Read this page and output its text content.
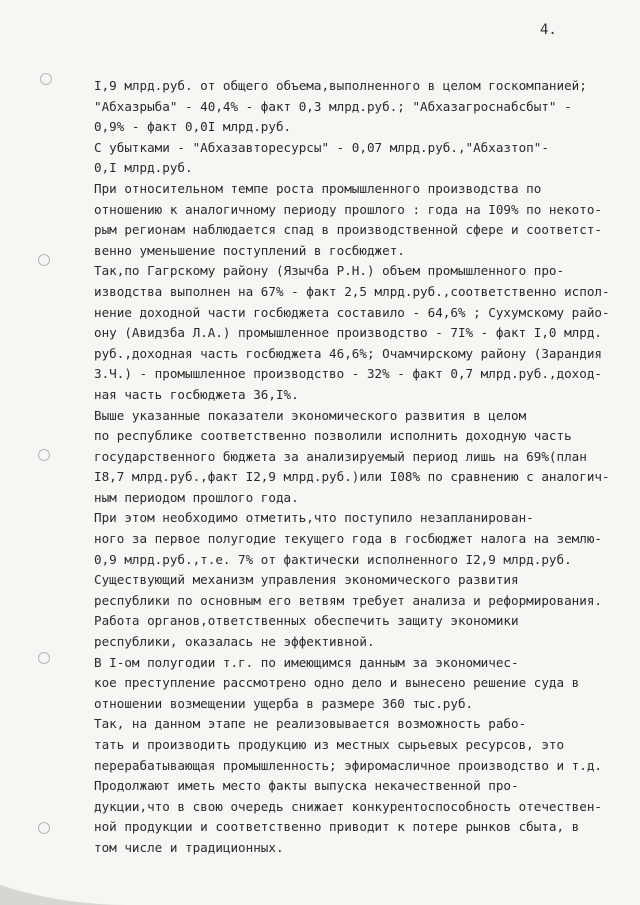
4.
I,9 млрд.руб. от общего объема,выполненного в целом госкомпанией;
"Абхазрыба" - 40,4% - факт 0,3 млрд.руб.; "Абхазагроснабсбыт" -
0,9% - факт 0,0I млрд.руб.
С убытками - "Абхазавторесурсы" - 0,07 млрд.руб.,"Абхазтоп"-
0,I млрд.руб.
При относительном темпе роста промышленного производства по
отношению к аналогичному периоду прошлого : года на I09% по некото-
рым регионам наблюдается спад в производственной сфере и соответст-
венно уменьшение поступлений в госбюджет.
Так,по Гагрскому району (Язычба Р.Н.) объем промышленного про-
изводства выполнен на 67% - факт 2,5 млрд.руб.,соответственно испол-
нение доходной части госбюджета составило - 64,6% ; Сухумскому райо-
ону (Авидзба Л.А.) промышленное производство - 7I% - факт I,0 млрд.
руб.,доходная часть госбюджета 46,6%; Очамчирскому району (Зарандия
З.Ч.) - промышленное производство - 32% - факт 0,7 млрд.руб.,доход-
ная часть госбюджета 36,I%.
Выше указанные показатели экономического развития в целом
по республике соответственно позволили исполнить доходную часть
государственного бюджета за анализируемый период лишь на 69%(план
I8,7 млрд.руб.,факт I2,9 млрд.руб.)или I08% по сравнению с аналогич-
ным периодом прошлого года.
При этом необходимо отметить,что поступило незапланирован-
ного за первое полугодие текущего года в госбюджет налога на землю-
0,9 млрд.руб.,т.е. 7% от фактически исполненного I2,9 млрд.руб.
Существующий механизм управления экономического развития
республики по основным его ветвям требует анализа и реформирования.
Работа органов,ответственных обеспечить защиту экономики
республики, оказалась не эффективной.
В I-ом полугодии т.г. по имеющимся данным за экономичес-
кое преступление рассмотрено одно дело и вынесено решение суда в
отношении возмещении ущерба в размере 360 тыс.руб.
Так, на данном этапе не реализовывается возможность рабо-
тать и производить продукцию из местных сырьевых ресурсов, это
перерабатывающая промышленность; эфиромасличное производство и т.д.
Продолжают иметь место факты выпуска некачественной про-
дукции,что в свою очередь снижает конкурентоспособность отечествен-
ной продукции и соответственно приводит к потере рынков сбыта, в
том числе и традиционных.
